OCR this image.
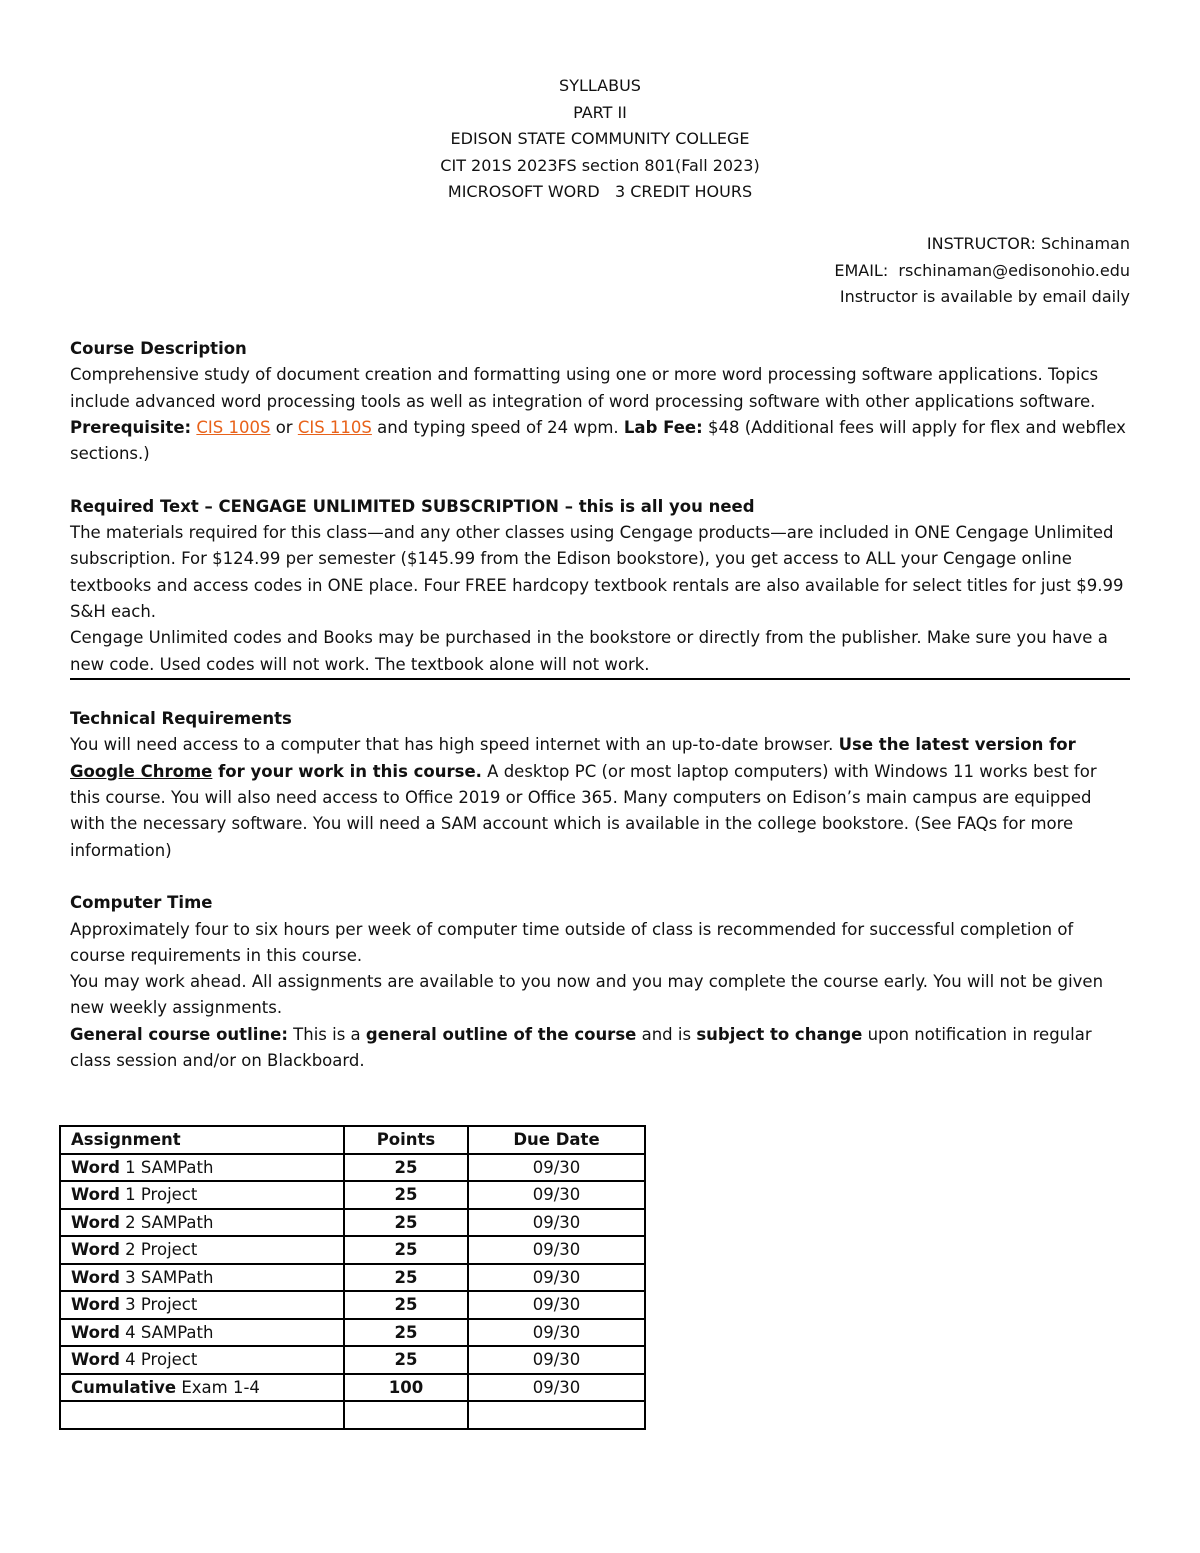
SYLLABUS
PART II
EDISON STATE COMMUNITY COLLEGE
CIT 201S 2023FS section 801(Fall 2023)
MICROSOFT WORD   3 CREDIT HOURS
INSTRUCTOR: Schinaman
EMAIL:  rschinaman@edisonohio.edu
Instructor is available by email daily

Course Description
Comprehensive study of document creation and formatting using one or more word processing software applications. Topics include advanced word processing tools as well as integration of word processing software with other applications software. Prerequisite: CIS 100S or CIS 110S and typing speed of 24 wpm. Lab Fee: $48 (Additional fees will apply for flex and webflex sections.)

Required Text – CENGAGE UNLIMITED SUBSCRIPTION – this is all you need
The materials required for this class—and any other classes using Cengage products—are included in ONE Cengage Unlimited subscription. For $124.99 per semester ($145.99 from the Edison bookstore), you get access to ALL your Cengage online textbooks and access codes in ONE place. Four FREE hardcopy textbook rentals are also available for select titles for just $9.99 S&H each.
Cengage Unlimited codes and Books may be purchased in the bookstore or directly from the publisher. Make sure you have a new code. Used codes will not work. The textbook alone will not work.

Technical Requirements
You will need access to a computer that has high speed internet with an up-to-date browser. Use the latest version for Google Chrome for your work in this course. A desktop PC (or most laptop computers) with Windows 11 works best for this course. You will also need access to Office 2019 or Office 365. Many computers on Edison’s main campus are equipped with the necessary software. You will need a SAM account which is available in the college bookstore. (See FAQs for more information)

Computer Time
Approximately four to six hours per week of computer time outside of class is recommended for successful completion of course requirements in this course.
You may work ahead. All assignments are available to you now and you may complete the course early. You will not be given new weekly assignments.
General course outline: This is a general outline of the course and is subject to change upon notification in regular class session and/or on Blackboard.

Assignment	Points	Due Date
Word 1 SAMPath	25	09/30
Word 1 Project	25	09/30
Word 2 SAMPath	25	09/30
Word 2 Project	25	09/30
Word 3 SAMPath	25	09/30
Word 3 Project	25	09/30
Word 4 SAMPath	25	09/30
Word 4 Project	25	09/30
Cumulative Exam 1-4	100	09/30
